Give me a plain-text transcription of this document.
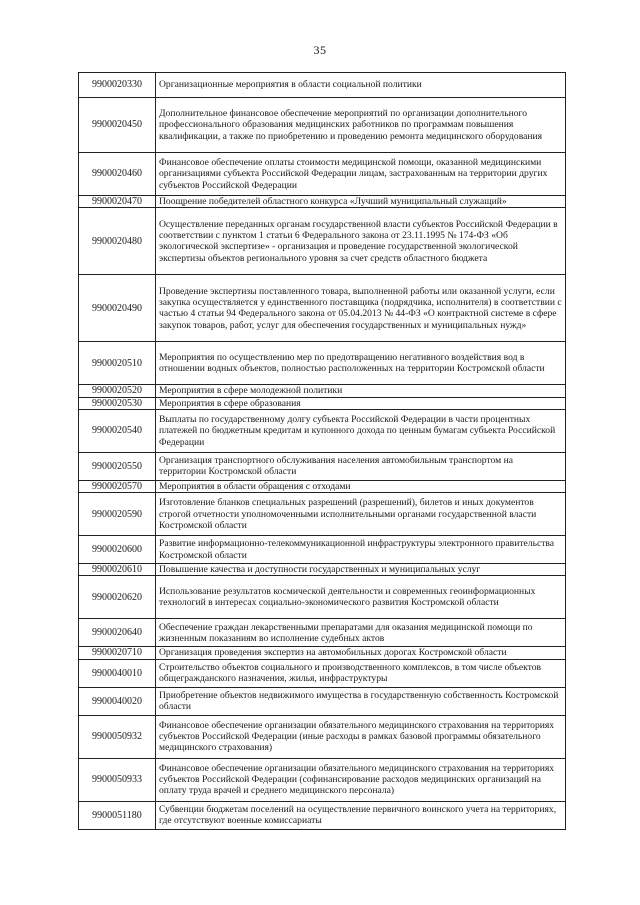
35
9900020330	Организационные мероприятия в области социальной политики
9900020450	Дополнительное финансовое обеспечение мероприятий по организации дополнительного профессионального образования медицинских работников по программам повышения квалификации, а также по приобретению и проведению ремонта медицинского оборудования
9900020460	Финансовое обеспечение оплаты стоимости медицинской помощи, оказанной медицинскими организациями субъекта Российской Федерации лицам, застрахованным на территории других субъектов Российской Федерации
9900020470	Поощрение победителей областного конкурса «Лучший муниципальный служащий»
9900020480	Осуществление переданных органам государственной власти субъектов Российской Федерации в соответствии с пунктом 1 статьи 6 Федерального закона от 23.11.1995 № 174-ФЗ «Об экологической экспертизе» - организация и проведение государственной экологической экспертизы объектов регионального уровня за счет средств областного бюджета
9900020490	Проведение экспертизы поставленного товара, выполненной работы или оказанной услуги, если закупка осуществляется у единственного поставщика (подрядчика, исполнителя) в соответствии с частью 4 статьи 94 Федерального закона от 05.04.2013 № 44-ФЗ «О контрактной системе в сфере закупок товаров, работ, услуг для обеспечения государственных и муниципальных нужд»
9900020510	Мероприятия по осуществлению мер по предотвращению негативного воздействия вод в отношении водных объектов, полностью расположенных на территории Костромской области
9900020520	Мероприятия в сфере молодежной политики
9900020530	Мероприятия в сфере образования
9900020540	Выплаты по государственному долгу субъекта Российской Федерации в части процентных платежей по бюджетным кредитам и купонного дохода по ценным бумагам субъекта Российской Федерации
9900020550	Организация транспортного обслуживания населения автомобильным транспортом на территории Костромской области
9900020570	Мероприятия в области обращения с отходами
9900020590	Изготовление бланков специальных разрешений (разрешений), билетов и иных документов строгой отчетности уполномоченными исполнительными органами государственной власти Костромской области
9900020600	Развитие информационно-телекоммуникационной инфраструктуры электронного правительства Костромской области
9900020610	Повышение качества и доступности государственных и муниципальных услуг
9900020620	Использование результатов космической деятельности и современных геоинформационных технологий в интересах социально-экономического развития Костромской области
9900020640	Обеспечение граждан лекарственными препаратами для оказания медицинской помощи по жизненным показаниям во исполнение судебных актов
9900020710	Организация проведения экспертиз на автомобильных дорогах Костромской области
9900040010	Строительство объектов социального и производственного комплексов, в том числе объектов общегражданского назначения, жилья, инфраструктуры
9900040020	Приобретение объектов недвижимого имущества в государственную собственность Костромской области
9900050932	Финансовое обеспечение организации обязательного медицинского страхования на территориях субъектов Российской Федерации (иные расходы в рамках базовой программы обязательного медицинского страхования)
9900050933	Финансовое обеспечение организации обязательного медицинского страхования на территориях субъектов Российской Федерации (софинансирование расходов медицинских организаций на оплату труда врачей и среднего медицинского персонала)
9900051180	Субвенции бюджетам поселений на осуществление первичного воинского учета на территориях, где отсутствуют военные комиссариаты
